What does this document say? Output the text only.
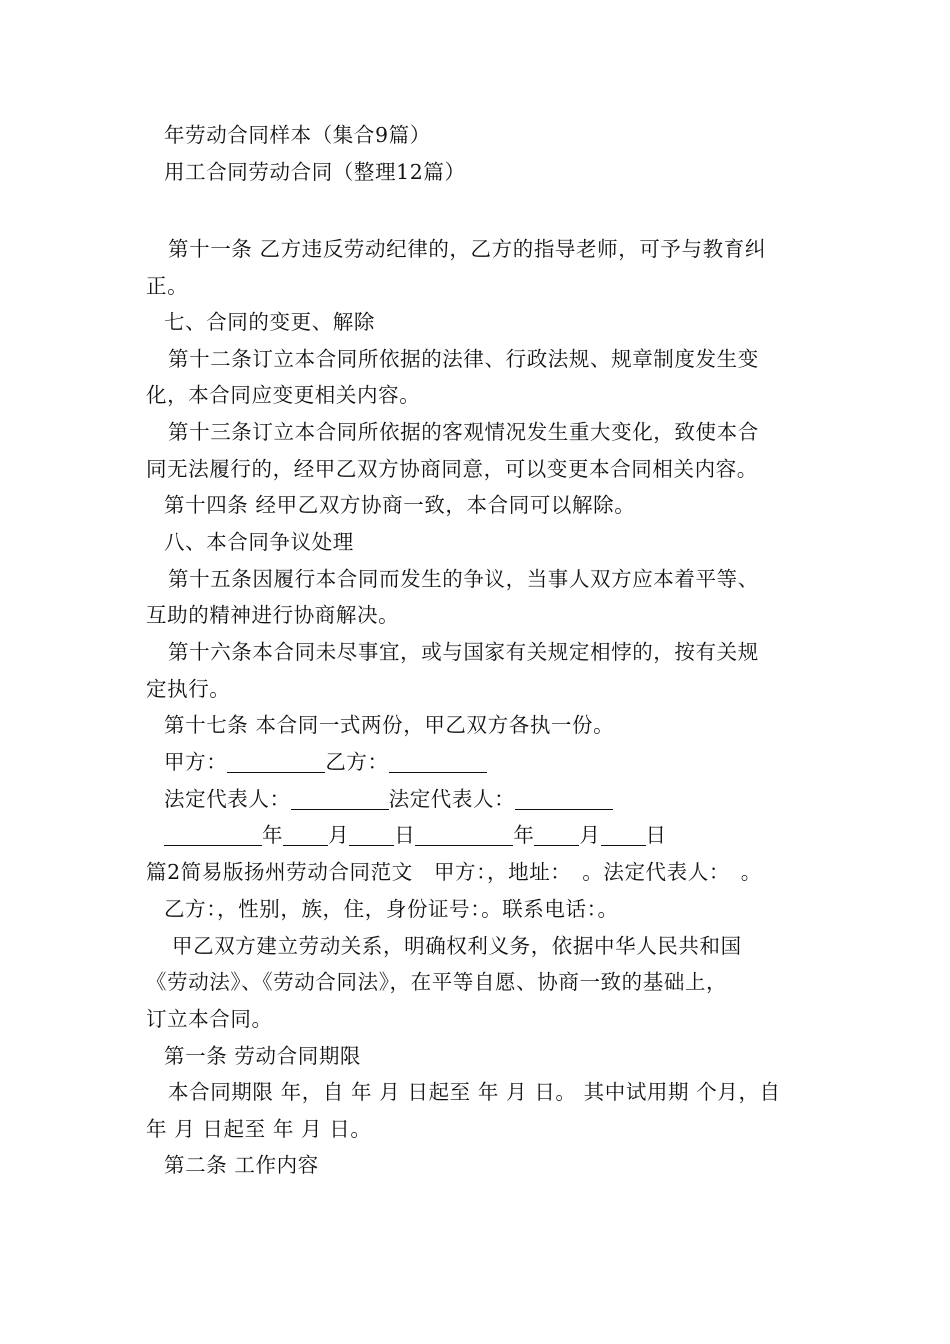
年劳动合同样本（集合9篇）
用工合同劳动合同（整理12篇）
第十一条 乙方违反劳动纪律的，乙方的指导老师，可予与教育纠
正。
七、合同的变更、解除
第十二条订立本合同所依据的法律、行政法规、规章制度发生变
化，本合同应变更相关内容。
第十三条订立本合同所依据的客观情况发生重大变化，致使本合
同无法履行的，经甲乙双方协商同意，可以变更本合同相关内容。
第十四条 经甲乙双方协商一致，本合同可以解除。
八、本合同争议处理
第十五条因履行本合同而发生的争议，当事人双方应本着平等、
互助的精神进行协商解决。
第十六条本合同未尽事宜，或与国家有关规定相悖的，按有关规
定执行。
第十七条 本合同一式两份，甲乙双方各执一份。
甲方：	乙方：
法定代表人：	法定代表人：
年 月 日	年 月 日
篇2简易版扬州劳动合同范文　甲方：，地址：　。法定代表人：　。
乙方：，性别，族，住，身份证号：。联系电话：。
甲乙双方建立劳动关系，明确权利义务，依据中华人民共和国
《劳动法》、《劳动合同法》，在平等自愿、协商一致的基础上，
订立本合同。
第一条 劳动合同期限
本合同期限 年，自 年 月 日起至 年 月 日。 其中试用期 个月，自
年 月 日起至 年 月 日。
第二条 工作内容
